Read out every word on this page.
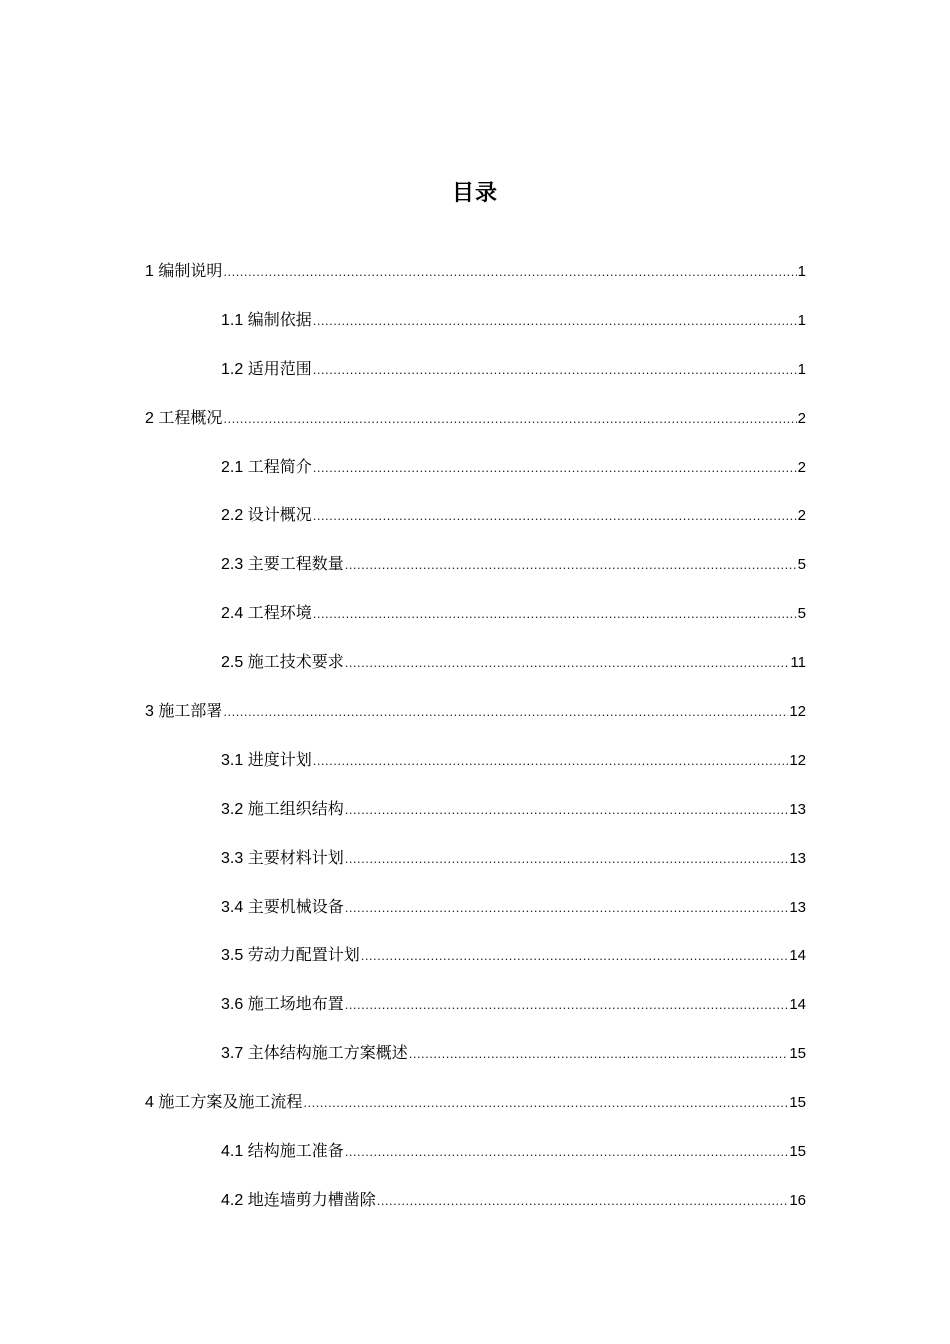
目录
1 编制说明 .....	1
1.1 编制依据 .....	1
1.2 适用范围 .....	1
2 工程概况 .....	2
2.1 工程简介 .....	2
2.2 设计概况 .....	2
2.3 主要工程数量 .....	5
2.4 工程环境 .....	5
2.5 施工技术要求 .....	11
3 施工部署 .....	12
3.1 进度计划 .....	12
3.2 施工组织结构 .....	13
3.3 主要材料计划 .....	13
3.4 主要机械设备 .....	13
3.5 劳动力配置计划 .....	14
3.6 施工场地布置 .....	14
3.7 主体结构施工方案概述 .....	15
4 施工方案及施工流程 .....	15
4.1 结构施工准备 .....	15
4.2 地连墙剪力槽凿除 .....	16
